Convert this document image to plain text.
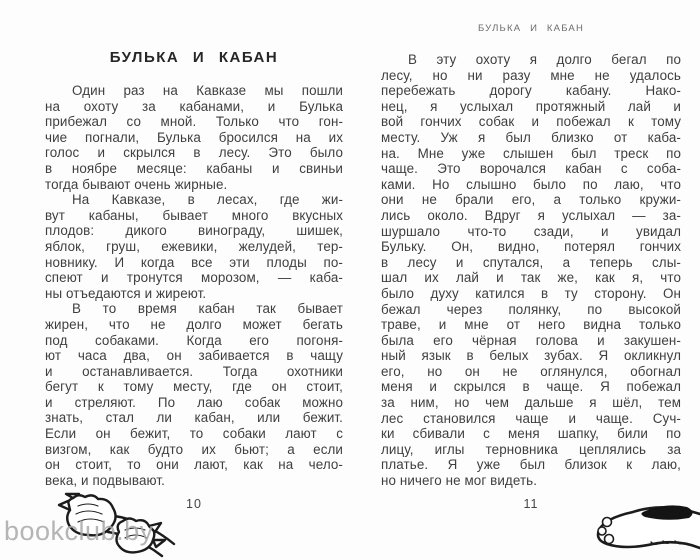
БУЛЬКА И КАБАН
Один раз на Кавказе мы пошли
на охоту за кабанами, и Булька
прибежал со мной. Только что гон-
чие погнали, Булька бросился на их
голос и скрылся в лесу. Это было
в ноябре месяце: кабаны и свиньи
тогда бывают очень жирные.
На Кавказе, в лесах, где жи-
вут кабаны, бывает много вкусных
плодов: дикого винограду, шишек,
яблок, груш, ежевики, желудей, тер-
новнику. И когда все эти плоды по-
спеют и тронутся морозом, — каба-
ны отъедаются и жиреют.
В то время кабан так бывает
жирен, что не долго может бегать
под собаками. Когда его погоня-
ют часа два, он забивается в чащу
и останавливается. Тогда охотники
бегут к тому месту, где он стоит,
и стреляют. По лаю собак можно
знать, стал ли кабан, или бежит.
Если он бежит, то собаки лают с
визгом, как будто их бьют; а если
он стоит, то они лают, как на чело-
века, и подвывают.
10
БУЛЬКА И КАБАН
В эту охоту я долго бегал по
лесу, но ни разу мне не удалось
перебежать дорогу кабану. Нако-
нец, я услыхал протяжный лай и
вой гончих собак и побежал к тому
месту. Уж я был близко от каба-
на. Мне уже слышен был треск по
чаще. Это ворочался кабан с соба-
ками. Но слышно было по лаю, что
они не брали его, а только кружи-
лись около. Вдруг я услыхал — за-
шуршало что-то сзади, и увидал
Бульку. Он, видно, потерял гончих
в лесу и спутался, а теперь слы-
шал их лай и так же, как я, что
было духу катился в ту сторону. Он
бежал через полянку, по высокой
траве, и мне от него видна только
была его чёрная голова и закушен-
ный язык в белых зубах. Я окликнул
его, но он не оглянулся, обогнал
меня и скрылся в чаще. Я побежал
за ним, но чем дальше я шёл, тем
лес становился чаще и чаще. Суч-
ки сбивали с меня шапку, били по
лицу, иглы терновника цеплялись за
платье. Я уже был близок к лаю,
но ничего не мог видеть.
11
bookclub.by
